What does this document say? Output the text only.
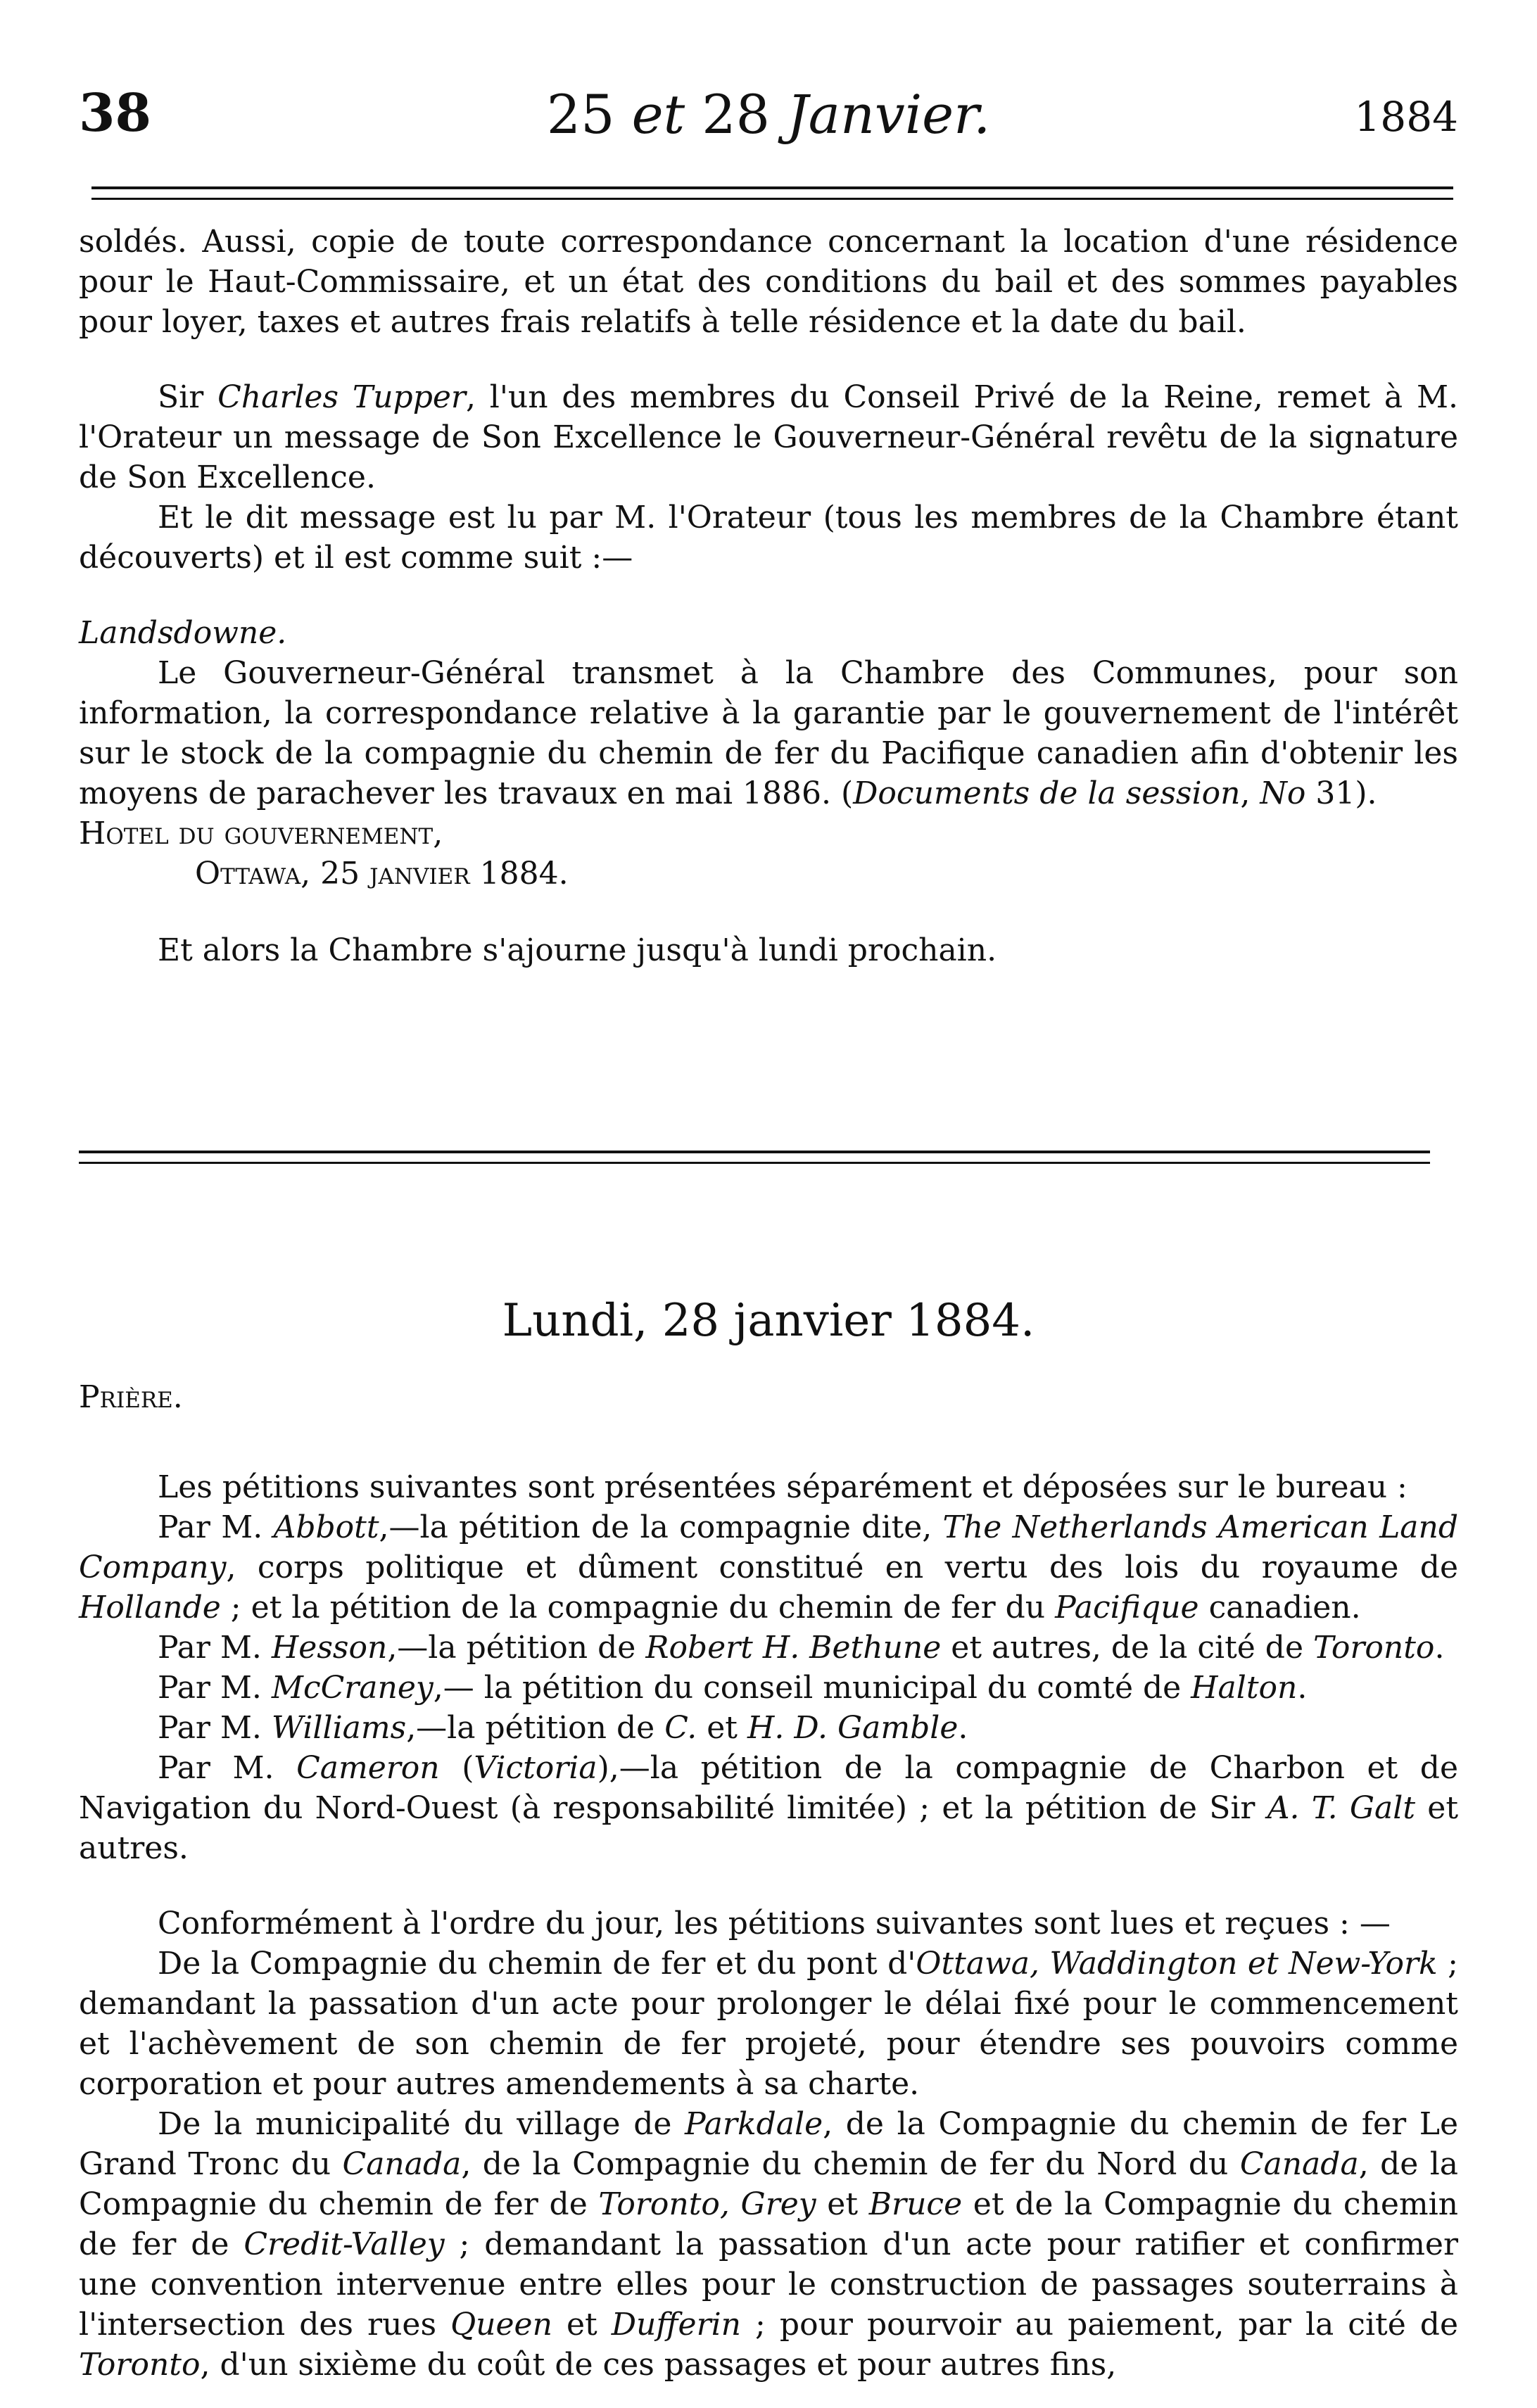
38	25 et 28 Janvier.	1884

soldés. Aussi, copie de toute correspondance concernant la location d'une résidence pour le Haut-Commissaire, et un état des conditions du bail et des sommes payables pour loyer, taxes et autres frais relatifs à telle résidence et la date du bail.

Sir Charles Tupper, l'un des membres du Conseil Privé de la Reine, remet à M. l'Orateur un message de Son Excellence le Gouverneur-Général revêtu de la signature de Son Excellence.

Et le dit message est lu par M. l'Orateur (tous les membres de la Chambre étant découverts) et il est comme suit :—

Landsdowne.

Le Gouverneur-Général transmet à la Chambre des Communes, pour son information, la correspondance relative à la garantie par le gouvernement de l'intérêt sur le stock de la compagnie du chemin de fer du Pacifique canadien afin d'obtenir les moyens de parachever les travaux en mai 1886. (Documents de la session, No 31).

Hotel du gouvernement,

Ottawa, 25 janvier 1884.

Et alors la Chambre s'ajourne jusqu'à lundi prochain.

Lundi, 28 janvier 1884.
Prière.

Les pétitions suivantes sont présentées séparément et déposées sur le bureau :

Par M. Abbott,—la pétition de la compagnie dite, The Netherlands American Land Company, corps politique et dûment constitué en vertu des lois du royaume de Hollande ; et la pétition de la compagnie du chemin de fer du Pacifique canadien.

Par M. Hesson,—la pétition de Robert H. Bethune et autres, de la cité de Toronto.

Par M. McCraney,— la pétition du conseil municipal du comté de Halton.

Par M. Williams,—la pétition de C. et H. D. Gamble.

Par M. Cameron (Victoria),—la pétition de la compagnie de Charbon et de Navigation du Nord-Ouest (à responsabilité limitée) ; et la pétition de Sir A. T. Galt et autres.

Conformément à l'ordre du jour, les pétitions suivantes sont lues et reçues : —

De la Compagnie du chemin de fer et du pont d'Ottawa, Waddington et New-York ; demandant la passation d'un acte pour prolonger le délai fixé pour le commencement et l'achèvement de son chemin de fer projeté, pour étendre ses pouvoirs comme corporation et pour autres amendements à sa charte.

De la municipalité du village de Parkdale, de la Compagnie du chemin de fer Le Grand Tronc du Canada, de la Compagnie du chemin de fer du Nord du Canada, de la Compagnie du chemin de fer de Toronto, Grey et Bruce et de la Compagnie du chemin de fer de Credit-Valley ; demandant la passation d'un acte pour ratifier et confirmer une convention intervenue entre elles pour le construction de passages souterrains à l'intersection des rues Queen et Dufferin ; pour pourvoir au paiement, par la cité de Toronto, d'un sixième du coût de ces passages et pour autres fins,
